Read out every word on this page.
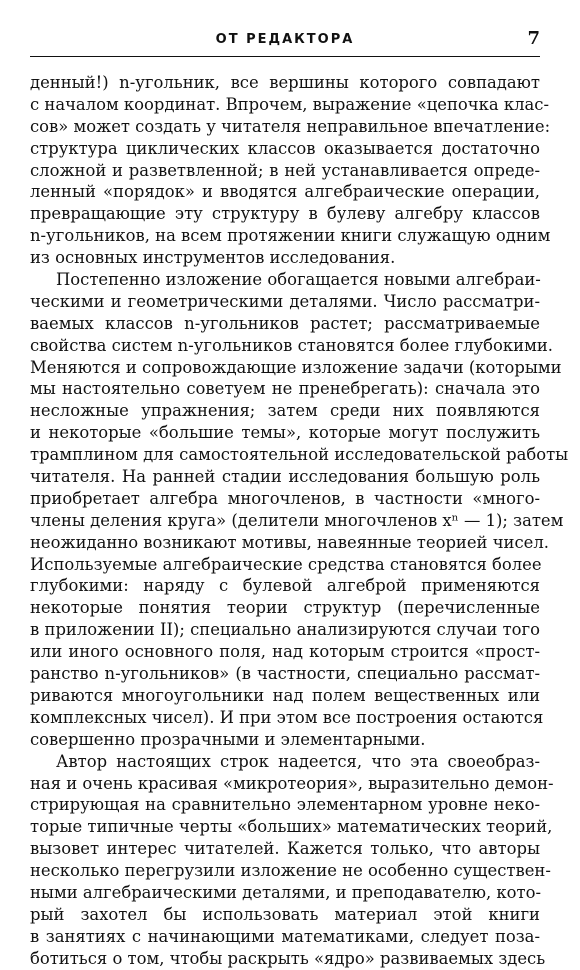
ОТ РЕДАКТОРА	7
денный!) n-угольник, все вершины которого совпадают
с началом координат. Впрочем, выражение «цепочка клас-
сов» может создать у читателя неправильное впечатление:
структура циклических классов оказывается достаточно
сложной и разветвленной; в ней устанавливается опреде-
ленный «порядок» и вводятся алгебраические операции,
превращающие эту структуру в булеву алгебру классов
n-угольников, на всем протяжении книги служащую одним
из основных инструментов исследования.
Постепенно изложение обогащается новыми алгебраи-
ческими и геометрическими деталями. Число рассматри-
ваемых классов n-угольников растет; рассматриваемые
свойства систем n-угольников становятся более глубокими.
Меняются и сопровождающие изложение задачи (которыми
мы настоятельно советуем не пренебрегать): сначала это
несложные упражнения; затем среди них появляются
и некоторые «большие темы», которые могут послужить
трамплином для самостоятельной исследовательской работы
читателя. На ранней стадии исследования большую роль
приобретает алгебра многочленов, в частности «много-
члены деления круга» (делители многочленов xⁿ — 1); затем
неожиданно возникают мотивы, навеянные теорией чисел.
Используемые алгебраические средства становятся более
глубокими: наряду с булевой алгеброй применяются
некоторые понятия теории структур (перечисленные
в приложении II); специально анализируются случаи того
или иного основного поля, над которым строится «прост-
ранство n-угольников» (в частности, специально рассмат-
риваются многоугольники над полем вещественных или
комплексных чисел). И при этом все построения остаются
совершенно прозрачными и элементарными.
Автор настоящих строк надеется, что эта своеобраз-
ная и очень красивая «микротеория», выразительно демон-
стрирующая на сравнительно элементарном уровне неко-
торые типичные черты «больших» математических теорий,
вызовет интерес читателей. Кажется только, что авторы
несколько перегрузили изложение не особенно существен-
ными алгебраическими деталями, и преподавателю, кото-
рый захотел бы использовать материал этой книги
в занятиях с начинающими математиками, следует поза-
ботиться о том, чтобы раскрыть «ядро» развиваемых здесь
